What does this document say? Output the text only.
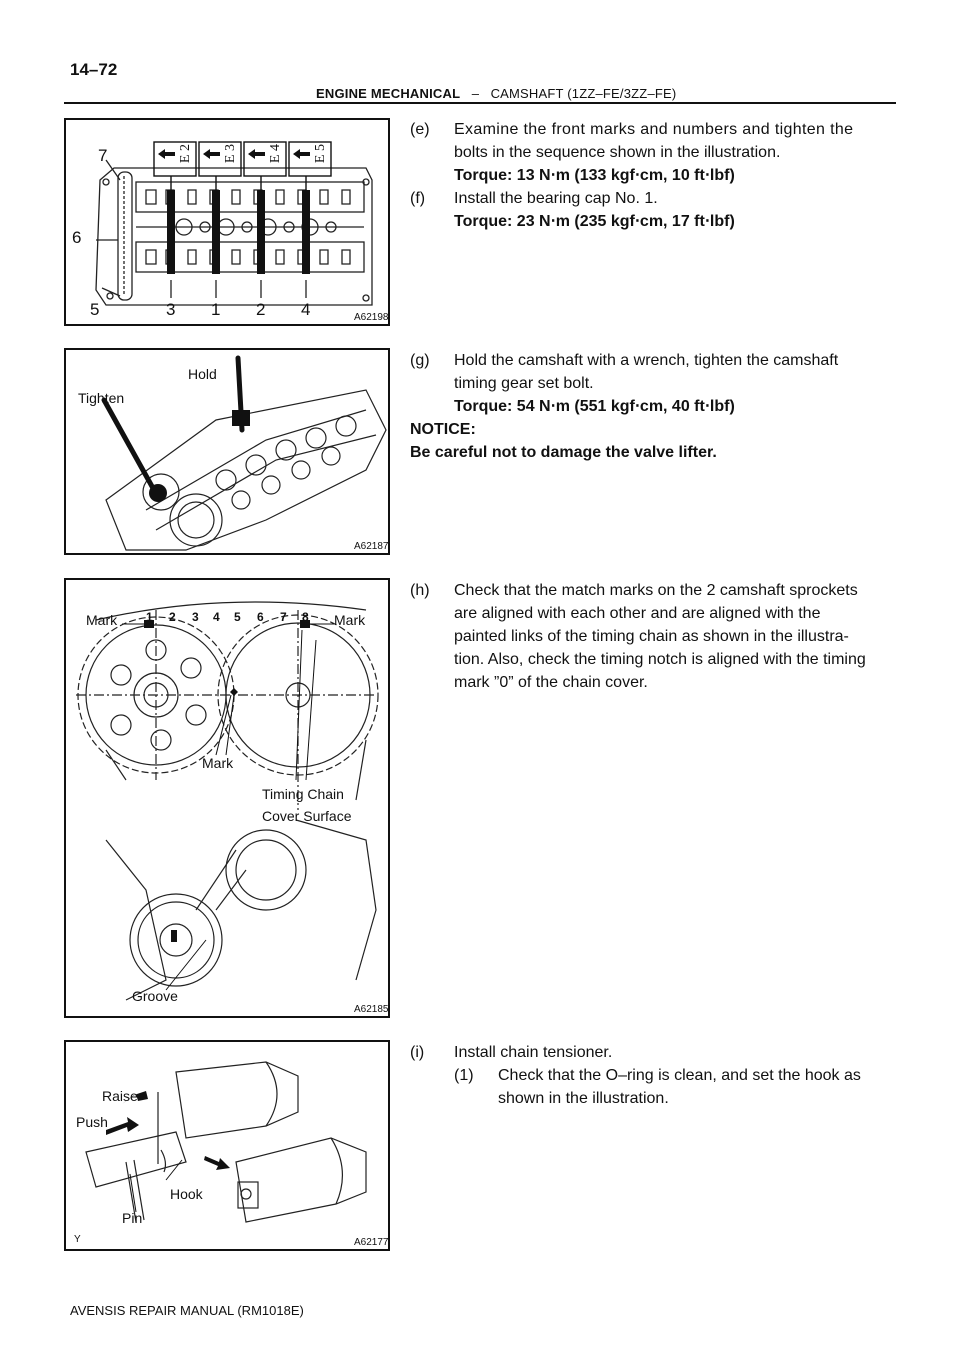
14–72
ENGINE MECHANICAL – CAMSHAFT (1ZZ–FE/3ZZ–FE)
E 2 E 3 E 4 E 5
7
6
5	3 1 2 4	A62198
Hold
Tighten
A62187
Mark	Mark
1 2 3 4 5 6 7 8
Mark
Timing Chain
Cover Surface
Groove
A62185
Raise
Push
Hook
Pin
Y	A62177
(e) Examine the front marks and numbers and tighten the
bolts in the sequence shown in the illustration.
Torque: 13 N⋅m (133 kgf⋅cm, 10 ft⋅lbf)
(f) Install the bearing cap No. 1.
Torque: 23 N⋅m (235 kgf⋅cm, 17 ft⋅lbf)
(g) Hold the camshaft with a wrench, tighten the camshaft
timing gear set bolt.
Torque: 54 N⋅m (551 kgf⋅cm, 40 ft⋅lbf)
NOTICE:
Be careful not to damage the valve lifter.
(h) Check that the match marks on the 2 camshaft sprockets
are aligned with each other and are aligned with the
painted links of the timing chain as shown in the illustra-
tion. Also, check the timing notch is aligned with the timing
mark ”0” of the chain cover.
(i) Install chain tensioner.
(1) Check that the O–ring is clean, and set the hook as
shown in the illustration.
AVENSIS REPAIR MANUAL (RM1018E)
